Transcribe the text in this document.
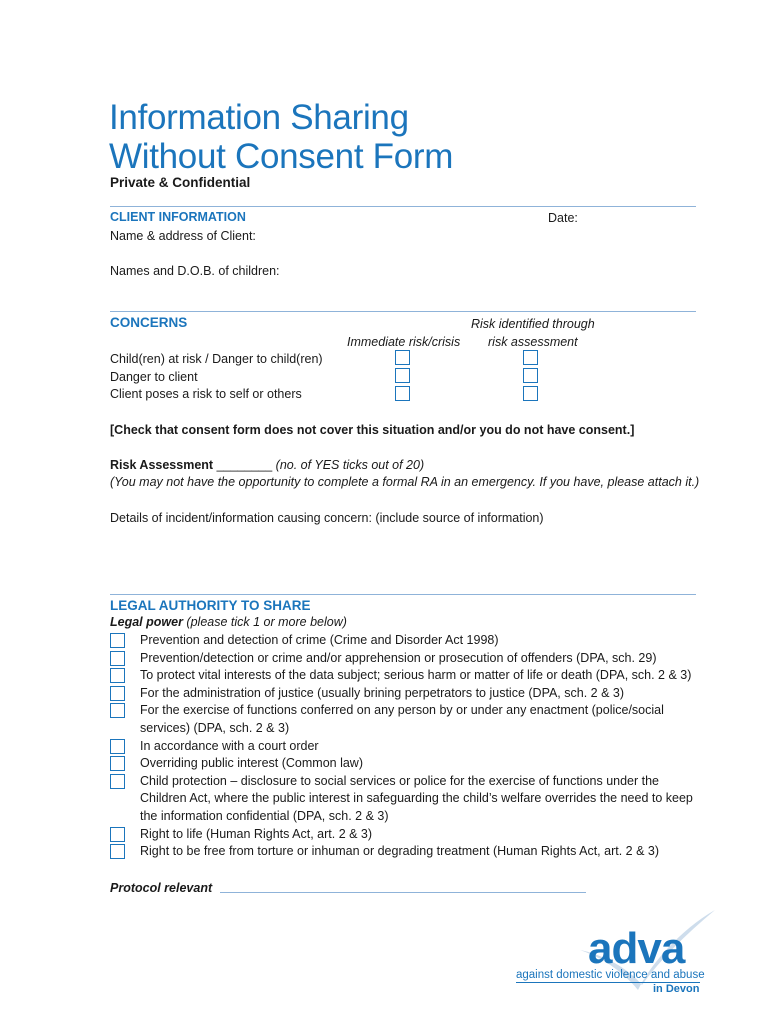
Information Sharing
Without Consent Form
Private & Confidential
CLIENT INFORMATION	Date:
Name & address of Client:
Names and D.O.B. of children:
CONCERNS	Risk identified through
Immediate risk/crisis risk assessment
Child(ren) at risk / Danger to child(ren)
Danger to client
Client poses a risk to self or others
[Check that consent form does not cover this situation and/or you do not have consent.]
Risk Assessment ________ (no. of YES ticks out of 20)
(You may not have the opportunity to complete a formal RA in an emergency. If you have, please attach it.)
Details of incident/information causing concern: (include source of information)
LEGAL AUTHORITY TO SHARE
Legal power (please tick 1 or more below)
Prevention and detection of crime (Crime and Disorder Act 1998)
Prevention/detection or crime and/or apprehension or prosecution of offenders (DPA, sch. 29)
To protect vital interests of the data subject; serious harm or matter of life or death (DPA, sch. 2 & 3)
For the administration of justice (usually brining perpetrators to justice (DPA, sch. 2 & 3)
For the exercise of functions conferred on any person by or under any enactment (police/social
services) (DPA, sch. 2 & 3)
In accordance with a court order
Overriding public interest (Common law)
Child protection – disclosure to social services or police for the exercise of functions under the
Children Act, where the public interest in safeguarding the child’s welfare overrides the need to keep
the information confidential (DPA, sch. 2 & 3)
Right to life (Human Rights Act, art. 2 & 3)
Right to be free from torture or inhuman or degrading treatment (Human Rights Act, art. 2 & 3)
Protocol relevant
adva
against domestic violence and abuse
in Devon
